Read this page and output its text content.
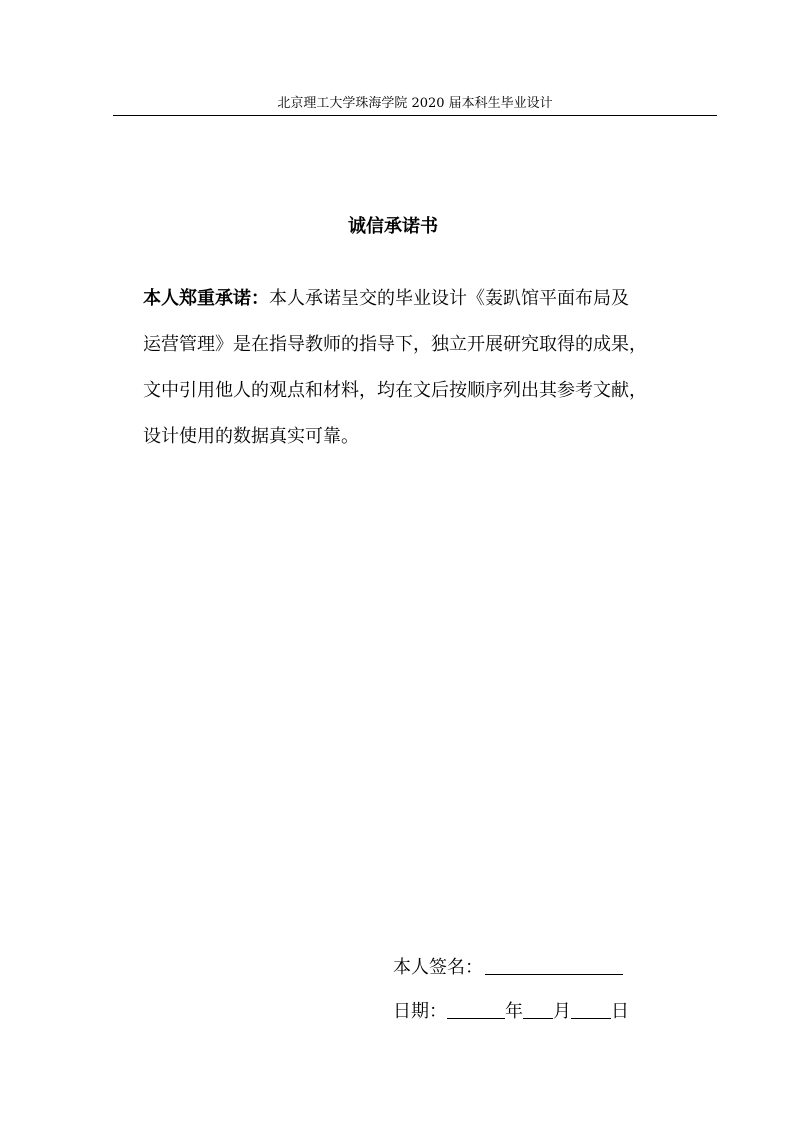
北京理工大学珠海学院 2020 届本科生毕业设计
诚信承诺书
本人郑重承诺：本人承诺呈交的毕业设计《轰趴馆平面布局及
运营管理》是在指导教师的指导下，独立开展研究取得的成果，
文中引用他人的观点和材料，均在文后按顺序列出其参考文献，
设计使用的数据真实可靠。
本人签名：
日期：	年 月 日
